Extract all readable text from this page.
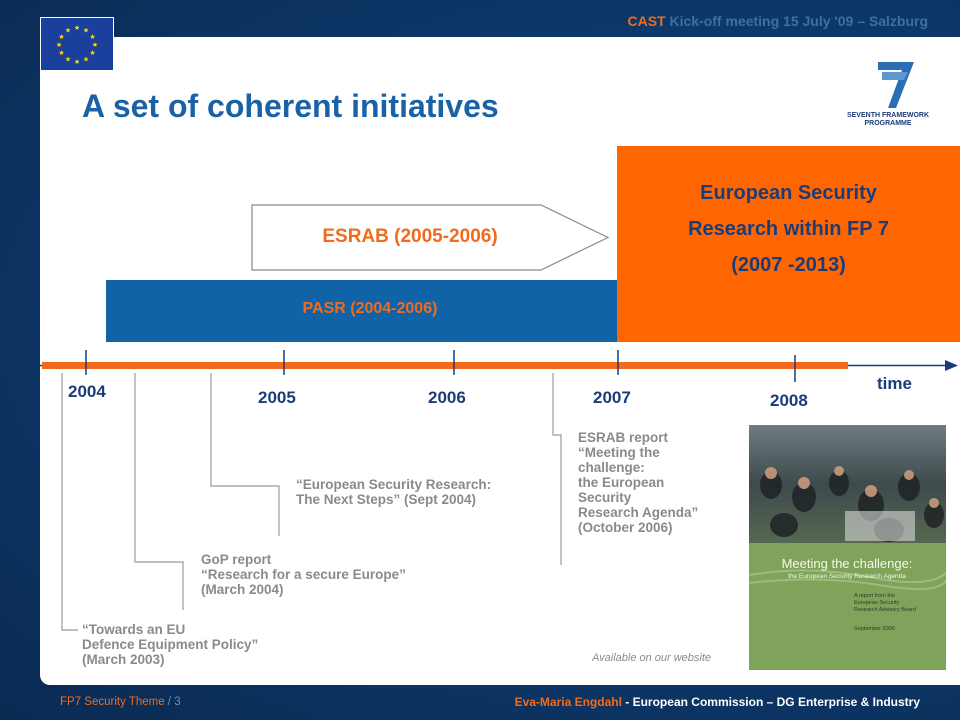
CAST Kick-off meeting 15 July '09 – Salzburg
★ ★
★
★
★
★
★
★
★
★
★
★
A set of coherent initiatives	SEVENTH FRAMEWORK
PROGRAMME
ESRAB (2005-2006)
PASR (2004-2006)
European Security
Research within FP 7
(2007 -2013)
2004	2005	2006	2007	2008
time
“Towards an EU
Defence Equipment Policy”
(March 2003)
GoP report
“Research for a secure Europe”
(March 2004)
“European Security Research:
The Next Steps” (Sept 2004)
ESRAB report
“Meeting the
challenge:
the European
Security
Research Agenda”
(October 2006)
Meeting the challenge:
the European Security Research Agenda
A report from the
European Security
Research Advisory Board
September 2006
Available on our website
FP7 Security Theme / 3	Eva-Maria Engdahl - European Commission – DG Enterprise & Industry
